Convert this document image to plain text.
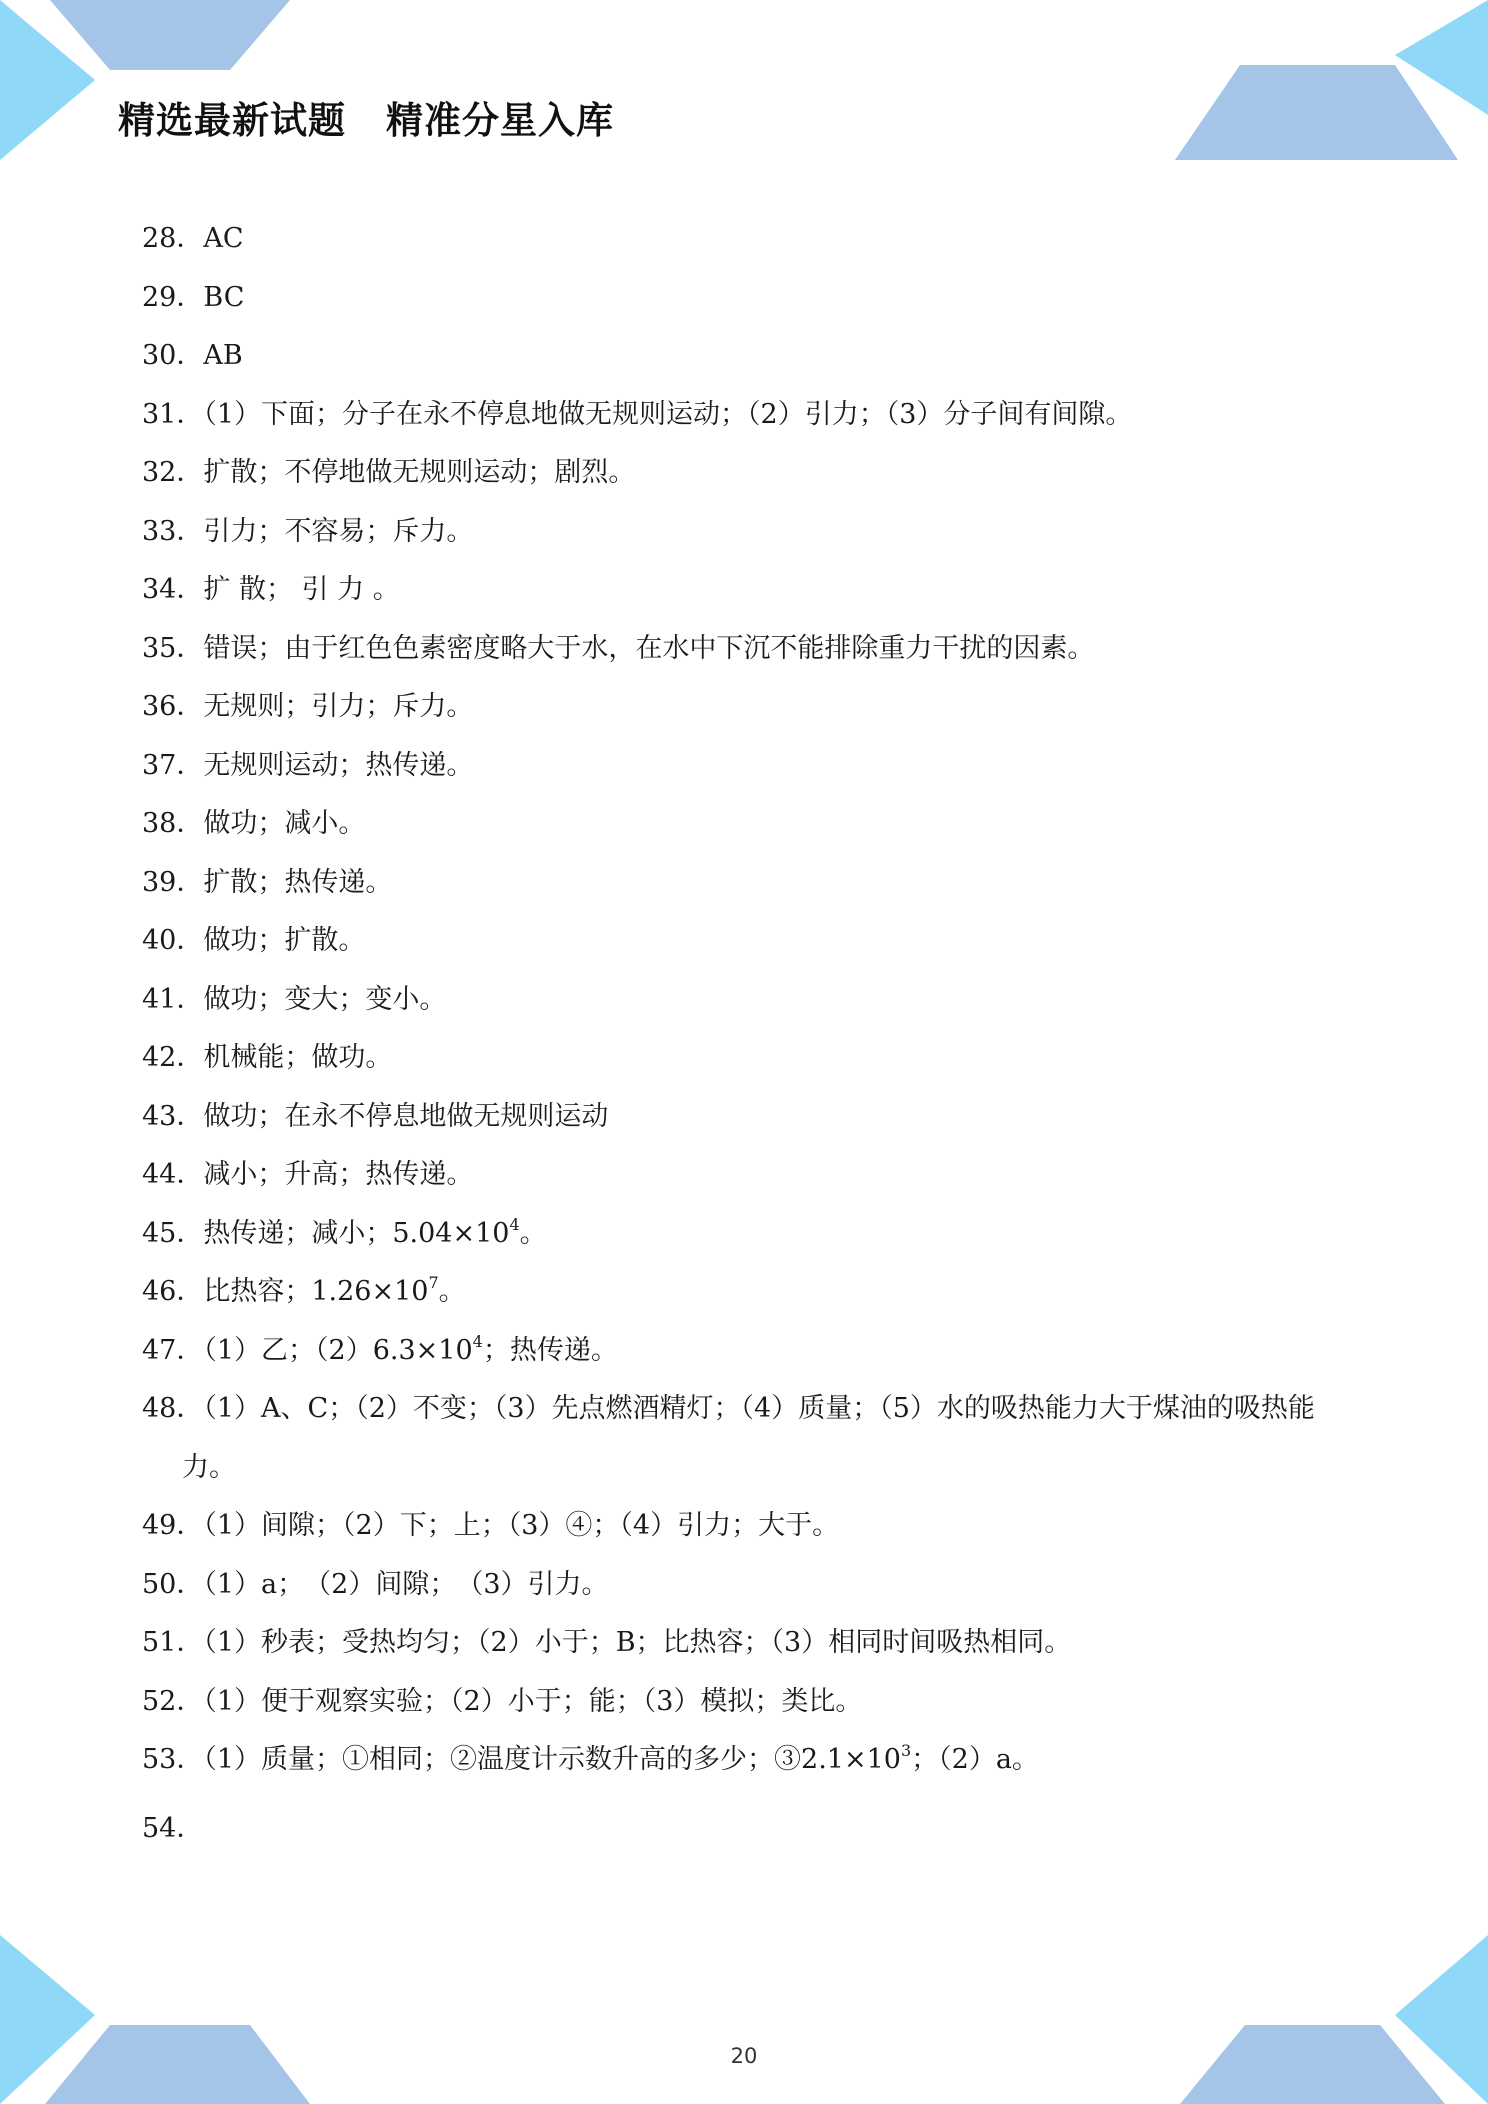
精选最新试题 精准分星入库
28．AC
29．BC
30．AB
31．（1）下面；分子在永不停息地做无规则运动；（2）引力；（3）分子间有间隙。
32．扩散；不停地做无规则运动；剧烈。
33．引力；不容易；斥力。
34．扩 散； 引 力 。
35．错误；由于红色色素密度略大于水，在水中下沉不能排除重力干扰的因素。
36．无规则；引力；斥力。
37．无规则运动；热传递。
38．做功；减小。
39．扩散；热传递。
40．做功；扩散。
41．做功；变大；变小。
42．机械能；做功。
43．做功；在永不停息地做无规则运动
44．减小；升高；热传递。
45．热传递；减小；$5.04\times 10^4$。
46．比热容；$1.26\times 10^7$。
47．（1）乙；$(2)6.3\times 10^4$；热传递。
48．（1）A、C；（2）不变；（3）先点燃酒精灯；（4）质量；（5）水的吸热能力大于煤油的吸热能力。
49．（1）间隙；（2）下；上；（3）④；（4）引力；大于。
50．（1）a；　（2）间隙；　（3）引力。
51．（1）秒表；受热均匀；（2）小于；B；比热容；（3）相同时间吸热相同。
52．（1）便于观察实验；（2）小于；能；（3）模拟；类比。
53．（1）质量；①相同；②温度计示数升高的多少；$③2.1\times 10^3$；（2）a。
54．
20
